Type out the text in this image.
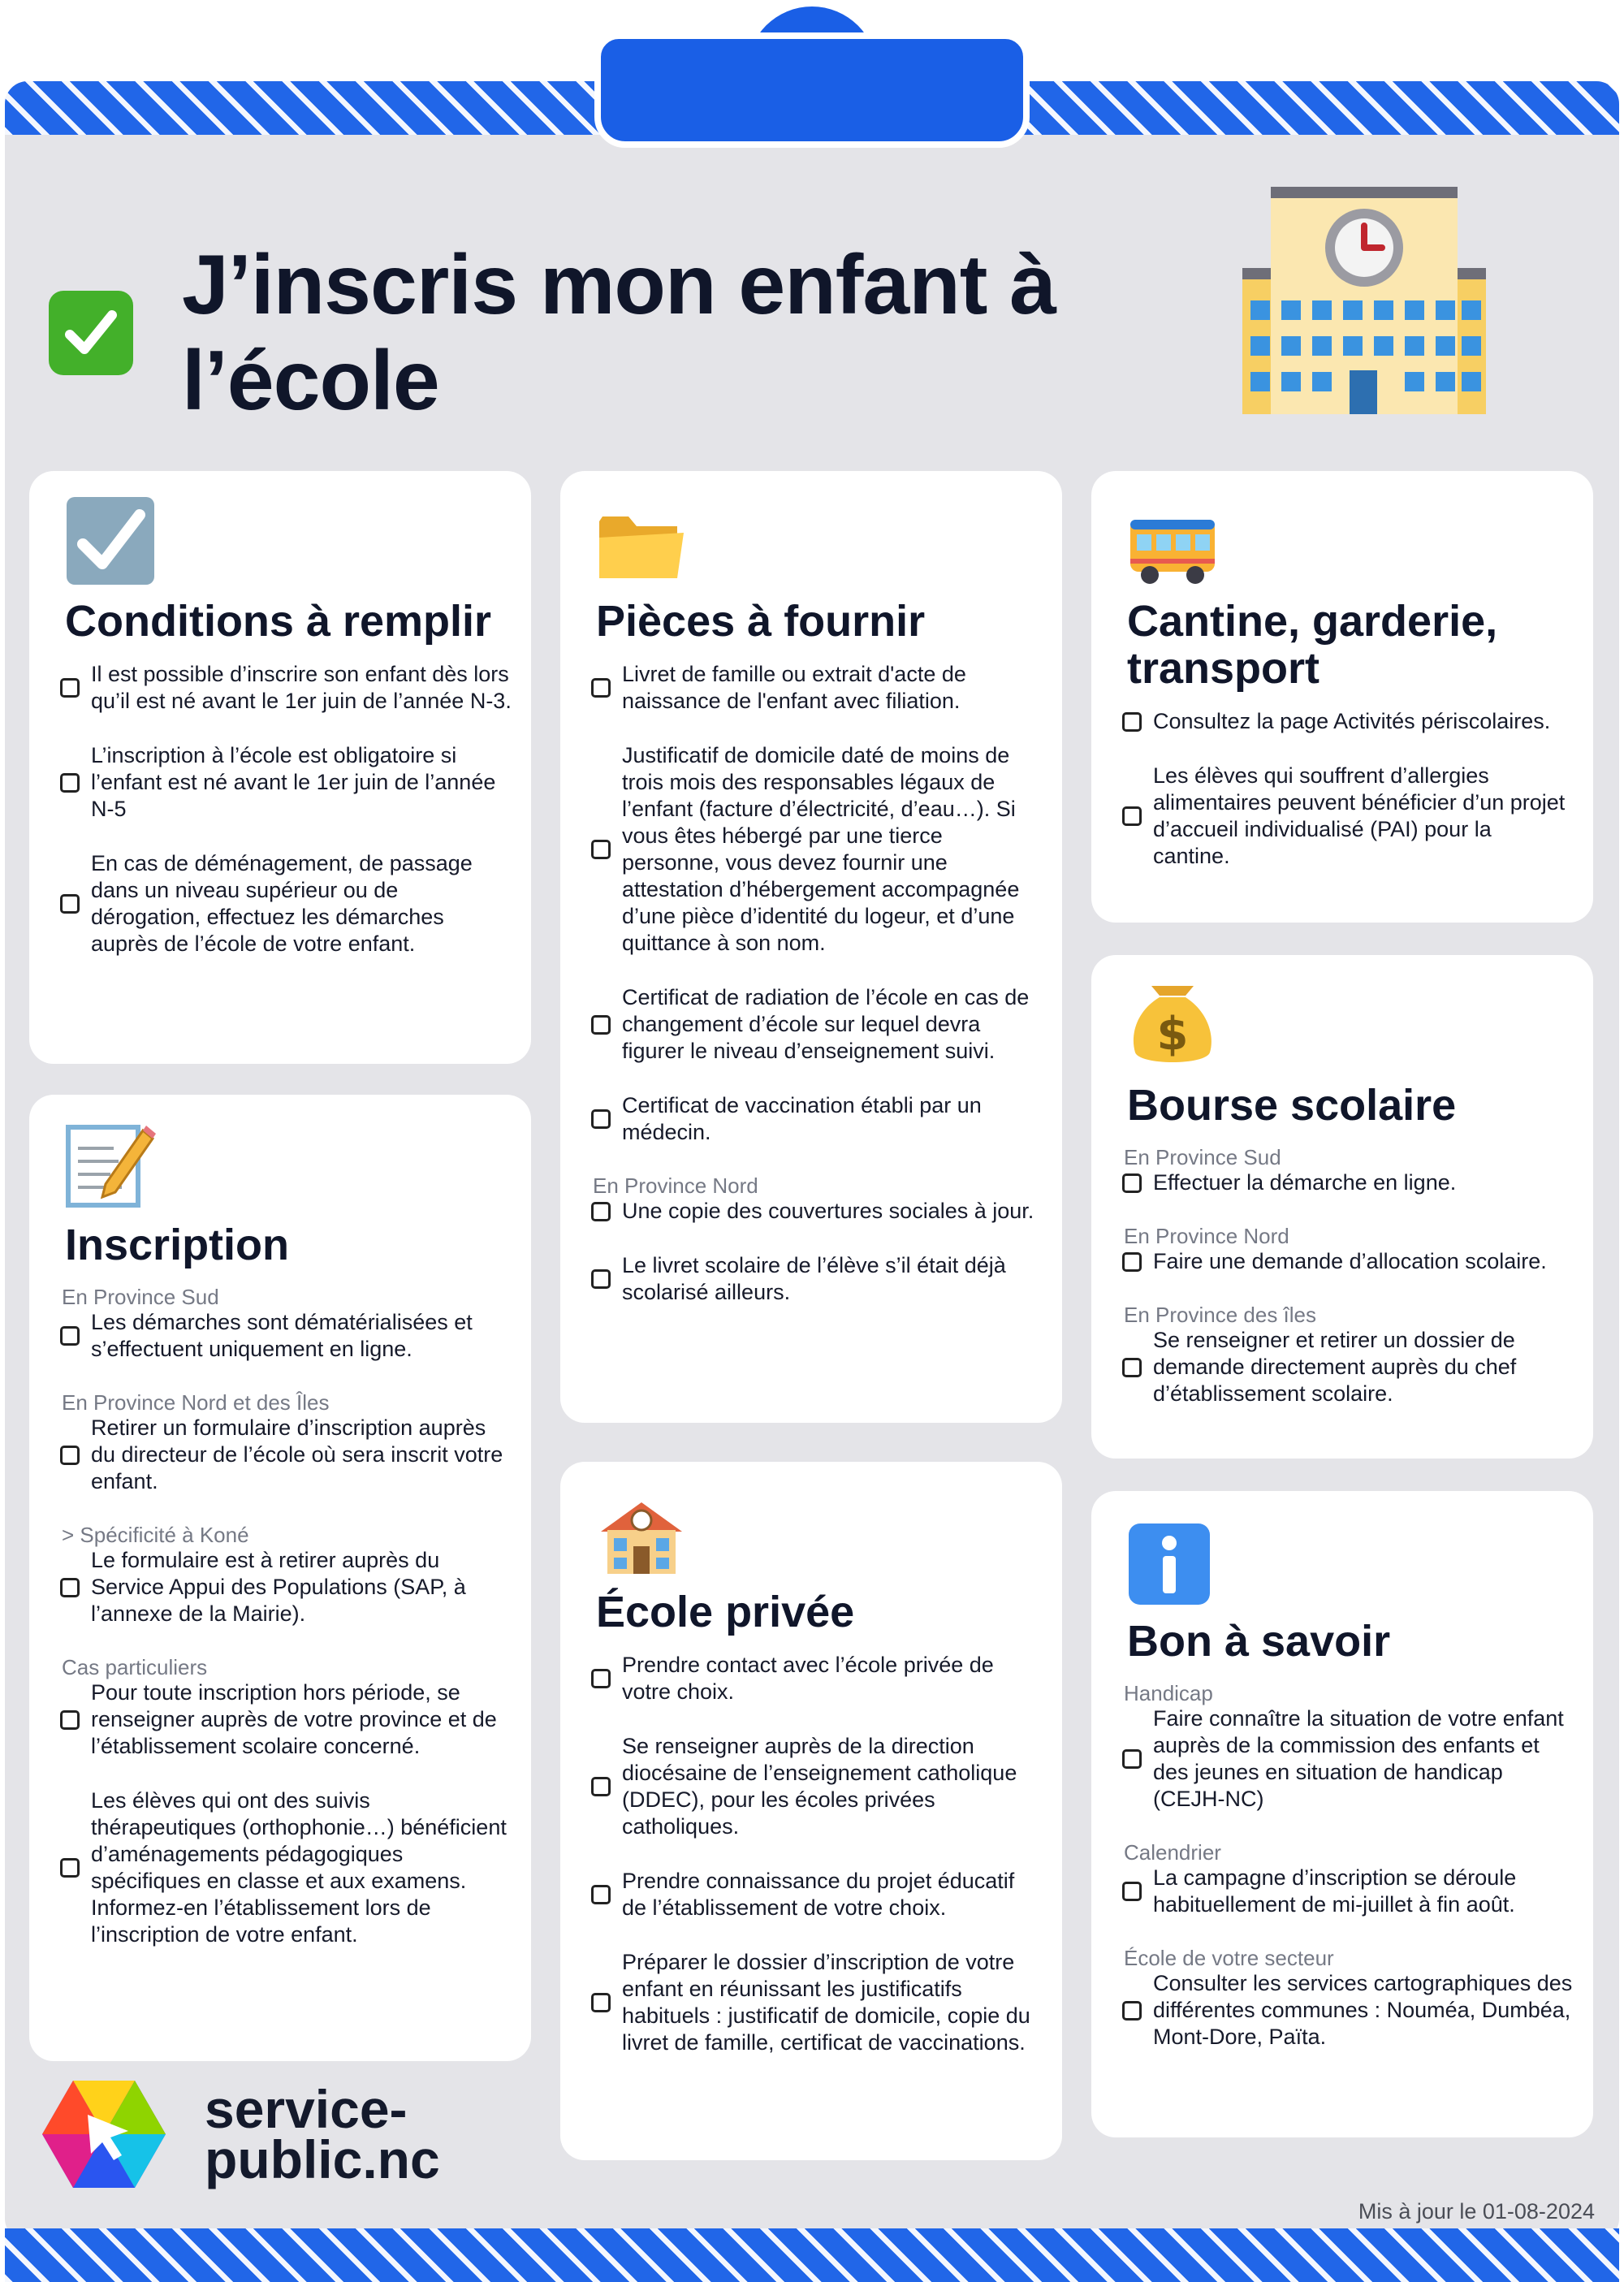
J’inscris mon enfant à l’école
Conditions à remplir
Il est possible d’inscrire son enfant dès lors qu’il est né avant le 1er juin de l’année N-3.
L’inscription à l’école est obligatoire si l’enfant est né avant le 1er juin de l’année N-5
En cas de déménagement, de passage dans un niveau supérieur ou de dérogation, effectuez les démarches auprès de l’école de votre enfant.
Inscription
En Province Sud
Les démarches sont dématérialisées et s’effectuent uniquement en ligne.
En Province Nord et des Îles
Retirer un formulaire d’inscription auprès du directeur de l’école où sera inscrit votre enfant.
> Spécificité à Koné
Le formulaire est à retirer auprès du Service Appui des Populations (SAP, à l’annexe de la Mairie).
Cas particuliers
Pour toute inscription hors période, se renseigner auprès de votre province et de l’établissement scolaire concerné.
Les élèves qui ont des suivis thérapeutiques (orthophonie…) bénéficient d’aménagements pédagogiques spécifiques en classe et aux examens. Informez-en l’établissement lors de l’inscription de votre enfant.
Pièces à fournir
Livret de famille ou extrait d'acte de naissance de l'enfant avec filiation.
Justificatif de domicile daté de moins de trois mois des responsables légaux de l’enfant (facture d’électricité, d’eau…). Si vous êtes hébergé par une tierce personne, vous devez fournir une attestation d’hébergement accompagnée d’une pièce d’identité du logeur, et d’une quittance à son nom.
Certificat de radiation de l’école en cas de changement d’école sur lequel devra figurer le niveau d’enseignement suivi.
Certificat de vaccination établi par un médecin.
En Province Nord
Une copie des couvertures sociales à jour.
Le livret scolaire de l’élève s’il était déjà scolarisé ailleurs.
École privée
Prendre contact avec l’école privée de votre choix.
Se renseigner auprès de la direction diocésaine de l’enseignement catholique (DDEC), pour les écoles privées catholiques.
Prendre connaissance du projet éducatif de l’établissement de votre choix.
Préparer le dossier d’inscription de votre enfant en réunissant les justificatifs habituels : justificatif de domicile, copie du livret de famille, certificat de vaccinations.
Cantine, garderie, transport
Consultez la page Activités périscolaires.
Les élèves qui souffrent d’allergies alimentaires peuvent bénéficier d’un projet d’accueil individualisé (PAI) pour la cantine.
$
Bourse scolaire
En Province Sud
Effectuer la démarche en ligne.
En Province Nord
Faire une demande d’allocation scolaire.
En Province des îles
Se renseigner et retirer un dossier de demande directement auprès du chef d’établissement scolaire.
Bon à savoir
Handicap
Faire connaître la situation de votre enfant auprès de la commission des enfants et des jeunes en situation de handicap (CEJH-NC)
Calendrier
La campagne d’inscription se déroule habituellement de mi-juillet à fin août.
École de votre secteur
Consulter les services cartographiques des différentes communes : Nouméa, Dumbéa, Mont-Dore, Païta.
service-
public.nc
Mis à jour le 01-08-2024
